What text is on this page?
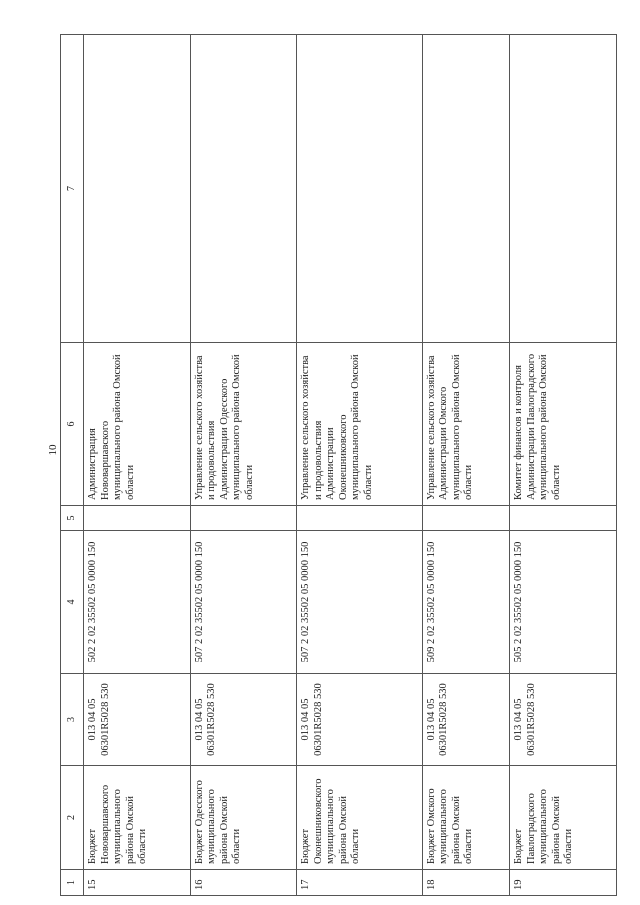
10
1	2	3	4	5	6	7
15	Бюджет Нововаршавского муниципального района Омской области	013 04 05 06301R5028 530	502 2 02 35502 05 0000 150		Администрация Нововаршавского муниципального района Омской области	
16	Бюджет Одесского муниципального района Омской области	013 04 05 06301R5028 530	507 2 02 35502 05 0000 150		Управление сельского хозяйства и продовольствия Администрации Одесского муниципального района Омской области	
17	Бюджет Оконешниковского муниципального района Омской области	013 04 05 06301R5028 530	507 2 02 35502 05 0000 150		Управление сельского хозяйства и продовольствия Администрации Оконешниковского муниципального района Омской области	
18	Бюджет Омского муниципального района Омской области	013 04 05 06301R5028 530	509 2 02 35502 05 0000 150		Управление сельского хозяйства Администрации Омского муниципального района Омской области	
19	Бюджет Павлоградского муниципального района Омской области	013 04 05 06301R5028 530	505 2 02 35502 05 0000 150		Комитет финансов и контроля Администрации Павлоградского муниципального района Омской области	
